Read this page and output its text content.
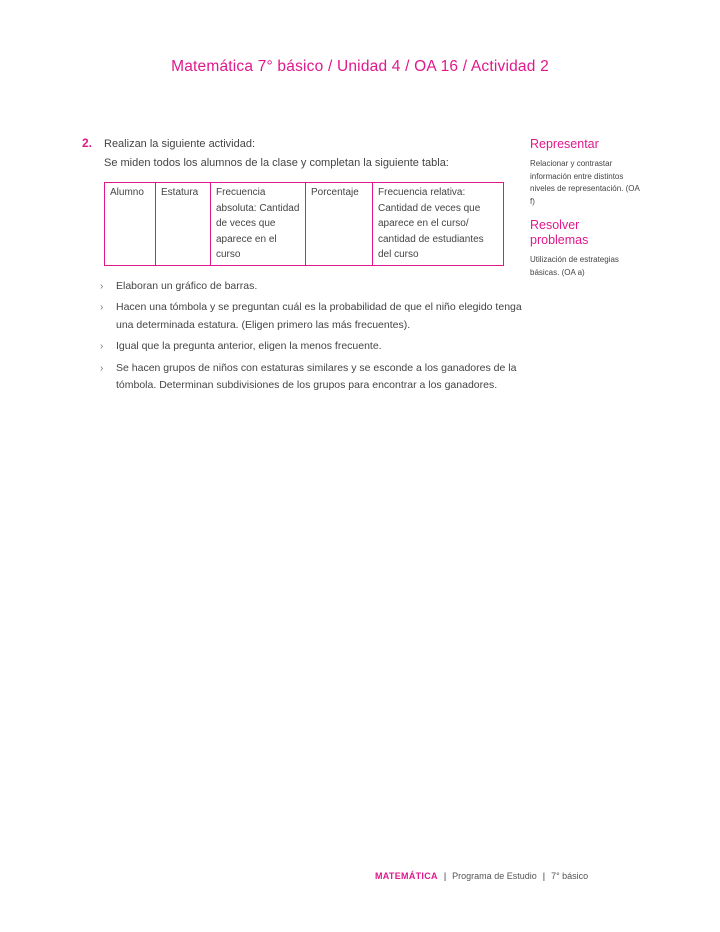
Matemática 7° básico / Unidad 4 / OA 16 / Actividad 2
2.	Realizan la siguiente actividad:
Se miden todos los alumnos de la clase y completan la siguiente tabla:
Alumno	Estatura	Frecuencia absoluta: Cantidad de veces que aparece en el curso	Porcentaje	Frecuencia relativa: Cantidad de veces que aparece en el curso/ cantidad de estudiantes del curso
› Elaboran un gráfico de barras.
› Hacen una tómbola y se preguntan cuál es la probabilidad de que el niño elegido tenga una determinada estatura. (Eligen primero las más frecuentes).
› Igual que la pregunta anterior, eligen la menos frecuente.
› Se hacen grupos de niños con estaturas similares y se esconde a los ganadores de la tómbola. Determinan subdivisiones de los grupos para encontrar a los ganadores.
Representar
Relacionar y contrastar información entre distintos niveles de representación. (OA f)
Resolver problemas
Utilización de estrategias básicas. (OA a)
MATEMÁTICA | Programa de Estudio | 7° básico
